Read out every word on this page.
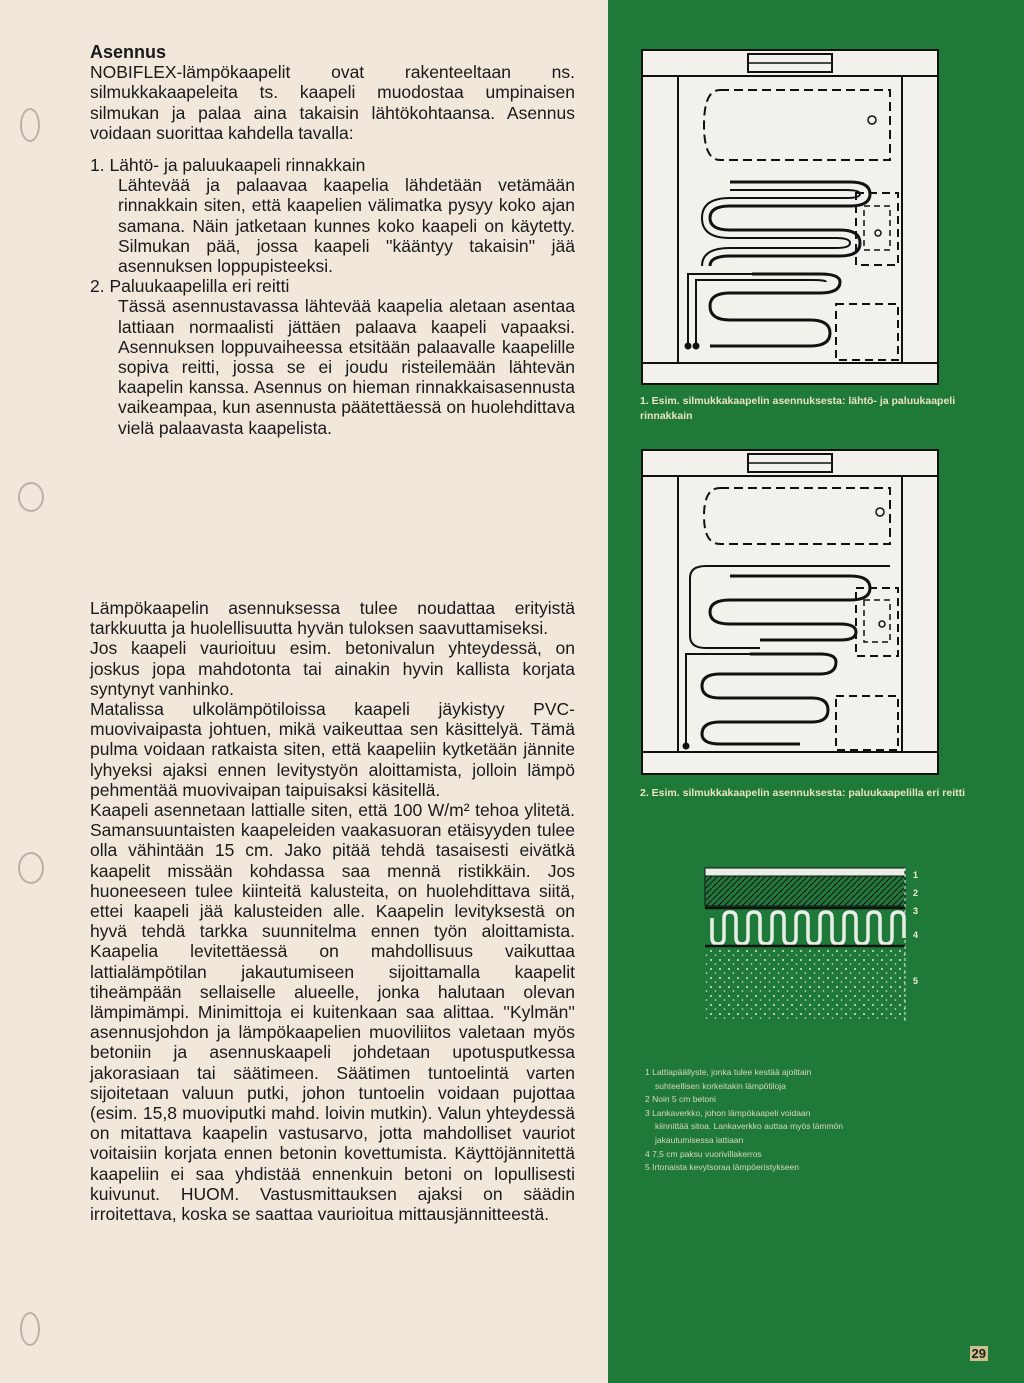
Asennus

NOBIFLEX-lämpökaapelit ovat rakenteeltaan ns. silmukkakaapeleita ts. kaapeli muodostaa umpinaisen silmukan ja palaa aina takaisin lähtökohtaansa. Asennus voidaan suorittaa kahdella tavalla:

1. Lähtö- ja paluukaapeli rinnakkain

Lähtevää ja palaavaa kaapelia lähdetään vetämään rinnakkain siten, että kaapelien välimatka pysyy koko ajan samana. Näin jatketaan kunnes koko kaapeli on käytetty. Silmukan pää, jossa kaapeli ''kääntyy takaisin'' jää asennuksen loppupisteeksi.

2. Paluukaapelilla eri reitti

Tässä asennustavassa lähtevää kaapelia aletaan asentaa lattiaan normaalisti jättäen palaava kaapeli vapaaksi. Asennuksen loppuvaiheessa etsitään palaavalle kaapelille sopiva reitti, jossa se ei joudu risteilemään lähtevän kaapelin kanssa. Asennus on hieman rinnakkaisasennusta vaikeampaa, kun asennusta päätettäessä on huolehdittava vielä palaavasta kaapelista.

Lämpökaapelin asennuksessa tulee noudattaa erityistä tarkkuutta ja huolellisuutta hyvän tuloksen saavuttamiseksi.

Jos kaapeli vaurioituu esim. betonivalun yhteydessä, on joskus jopa mahdotonta tai ainakin hyvin kallista korjata syntynyt vanhinko.

Matalissa ulkolämpötiloissa kaapeli jäykistyy PVC-muovivaipasta johtuen, mikä vaikeuttaa sen käsittelyä. Tämä pulma voidaan ratkaista siten, että kaapeliin kytketään jännite lyhyeksi ajaksi ennen levitystyön aloittamista, jolloin lämpö pehmentää muovivaipan taipuisaksi käsitellä.

Kaapeli asennetaan lattialle siten, että 100 W/m² tehoa ylitetä. Samansuuntaisten kaapeleiden vaakasuoran etäisyyden tulee olla vähintään 15 cm. Jako pitää tehdä tasaisesti eivätkä kaapelit missään kohdassa saa mennä ristikkäin. Jos huoneeseen tulee kiinteitä kalusteita, on huolehdittava siitä, ettei kaapeli jää kalusteiden alle. Kaapelin levityksestä on hyvä tehdä tarkka suunnitelma ennen työn aloittamista. Kaapelia levitettäessä on mahdollisuus vaikuttaa lattialämpötilan jakautumiseen sijoittamalla kaapelit tiheämpään sellaiselle alueelle, jonka halutaan olevan lämpimämpi. Minimittoja ei kuitenkaan saa alittaa. ''Kylmän'' asennusjohdon ja lämpökaapelien muoviliitos valetaan myös betoniin ja asennuskaapeli johdetaan upotusputkessa jakorasiaan tai säätimeen. Säätimen tuntoelintä varten sijoitetaan valuun putki, johon tuntoelin voidaan pujottaa (esim. 15,8 muoviputki mahd. loivin mutkin). Valun yhteydessä on mitattava kaapelin vastusarvo, jotta mahdolliset vauriot voitaisiin korjata ennen betonin kovettumista. Käyttöjännitettä kaapeliin ei saa yhdistää ennenkuin betoni on lopullisesti kuivunut. HUOM. Vastusmittauksen ajaksi on säädin irroitettava, koska se saattaa vaurioitua mittausjännitteestä.

1. Esim. silmukkakaapelin asennuksesta: lähtö- ja paluukaapeli rinnakkain
2. Esim. silmukkakaapelin asennuksesta: paluukaapelilla eri reitti
1
2
3
4
5
1 Lattiapäällyste, jonka tulee kestää ajoittain
suhteellisen korkeitakin lämpötiloja
2 Noin 5 cm betoni
3 Lankaverkko, johon lämpökaapeli voidaan
kiinnittää sitoa. Lankaverkko auttaa myös lämmön
jakautumisessa lattiaan
4 7,5 cm paksu vuorivillakerros
5 Irtonaista kevytsoraa lämpöeristykseen
29
